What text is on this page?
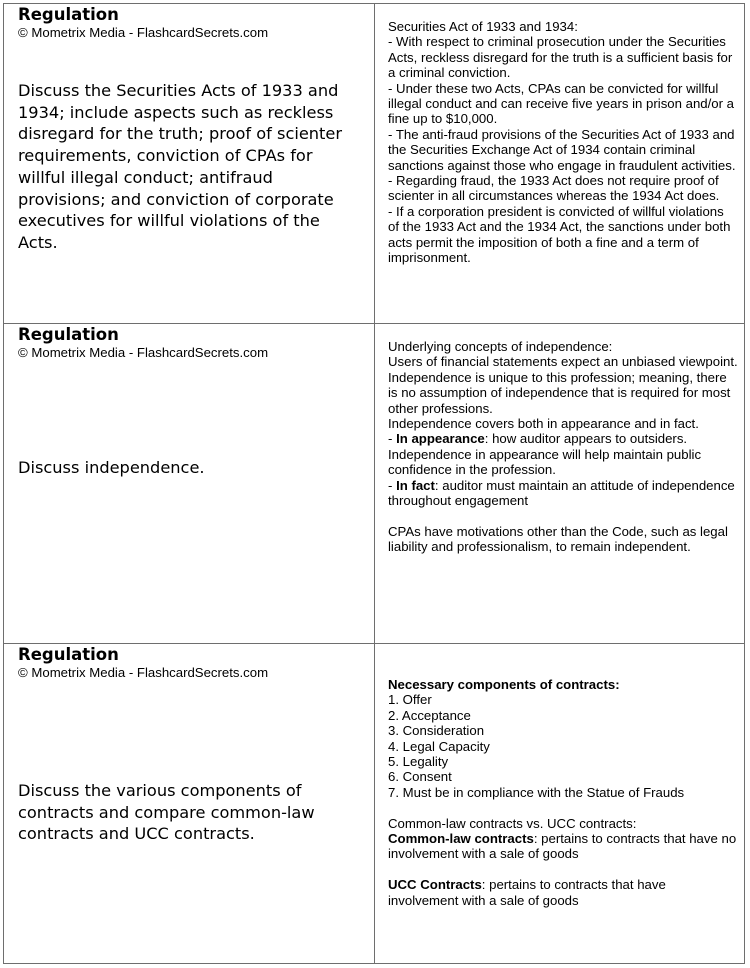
Regulation
© Mometrix Media - FlashcardSecrets.com
Discuss the Securities Acts of 1933 and 1934; include aspects such as reckless disregard for the truth; proof of scienter requirements, conviction of CPAs for willful illegal conduct; antifraud provisions; and conviction of corporate executives for willful violations of the Acts.

Securities Act of 1933 and 1934:

- With respect to criminal prosecution under the Securities Acts, reckless disregard for the truth is a sufficient basis for a criminal conviction.

- Under these two Acts, CPAs can be convicted for willful illegal conduct and can receive five years in prison and/or a fine up to $10,000.

- The anti-fraud provisions of the Securities Act of 1933 and the Securities Exchange Act of 1934 contain criminal sanctions against those who engage in fraudulent activities.

- Regarding fraud, the 1933 Act does not require proof of scienter in all circumstances whereas the 1934 Act does.

- If a corporation president is convicted of willful violations of the 1933 Act and the 1934 Act, the sanctions under both acts permit the imposition of both a fine and a term of imprisonment.

Regulation
© Mometrix Media - FlashcardSecrets.com
Discuss independence.

Underlying concepts of independence:

Users of financial statements expect an unbiased viewpoint. Independence is unique to this profession; meaning, there is no assumption of independence that is required for most other professions.

Independence covers both in appearance and in fact.

- In appearance: how auditor appears to outsiders. Independence in appearance will help maintain public confidence in the profession.

- In fact: auditor must maintain an attitude of independence throughout engagement

CPAs have motivations other than the Code, such as legal liability and professionalism, to remain independent.

Regulation
© Mometrix Media - FlashcardSecrets.com
Discuss the various components of contracts and compare common-law contracts and UCC contracts.

Necessary components of contracts:

1. Offer

2. Acceptance

3. Consideration

4. Legal Capacity

5. Legality

6. Consent

7. Must be in compliance with the Statue of Frauds

Common-law contracts vs. UCC contracts:

Common-law contracts: pertains to contracts that have no involvement with a sale of goods

UCC Contracts: pertains to contracts that have involvement with a sale of goods
